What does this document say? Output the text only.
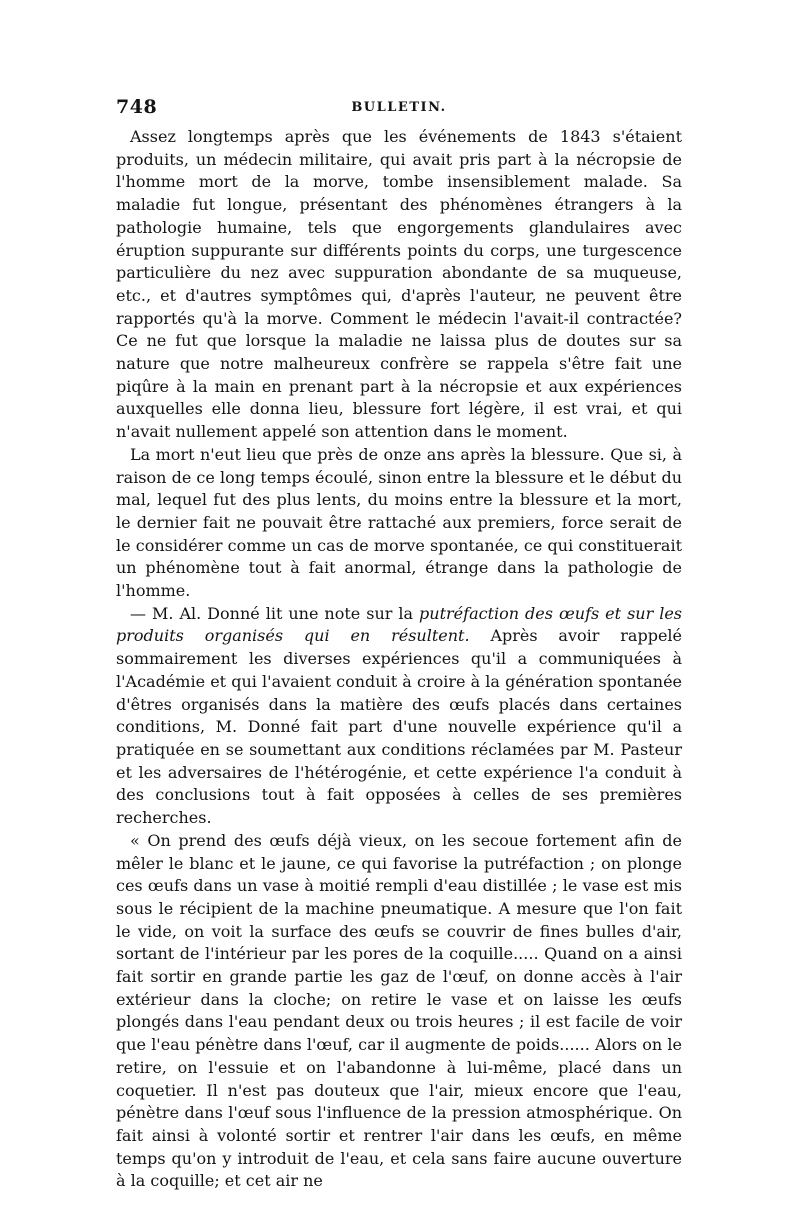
748	BULLETIN.

Assez longtemps après que les événements de 1843 s'étaient produits, un médecin militaire, qui avait pris part à la nécropsie de l'homme mort de la morve, tombe insensiblement malade. Sa maladie fut longue, présentant des phénomènes étrangers à la pathologie humaine, tels que engorgements glandulaires avec éruption suppurante sur différents points du corps, une turgescence particulière du nez avec suppuration abondante de sa muqueuse, etc., et d'autres symptômes qui, d'après l'auteur, ne peuvent être rapportés qu'à la morve. Comment le médecin l'avait-il contractée? Ce ne fut que lorsque la maladie ne laissa plus de doutes sur sa nature que notre malheureux confrère se rappela s'être fait une piqûre à la main en prenant part à la nécropsie et aux expériences auxquelles elle donna lieu, blessure fort légère, il est vrai, et qui n'avait nullement appelé son attention dans le moment.

La mort n'eut lieu que près de onze ans après la blessure. Que si, à raison de ce long temps écoulé, sinon entre la blessure et le début du mal, lequel fut des plus lents, du moins entre la blessure et la mort, le dernier fait ne pouvait être rattaché aux premiers, force serait de le considérer comme un cas de morve spontanée, ce qui constituerait un phénomène tout à fait anormal, étrange dans la pathologie de l'homme.

— M. Al. Donné lit une note sur la putréfaction des œufs et sur les produits organisés qui en résultent. Après avoir rappelé sommairement les diverses expériences qu'il a communiquées à l'Académie et qui l'avaient conduit à croire à la génération spontanée d'êtres organisés dans la matière des œufs placés dans certaines conditions, M. Donné fait part d'une nouvelle expérience qu'il a pratiquée en se soumettant aux conditions réclamées par M. Pasteur et les adversaires de l'hétérogénie, et cette expérience l'a conduit à des conclusions tout à fait opposées à celles de ses premières recherches.

« On prend des œufs déjà vieux, on les secoue fortement afin de mêler le blanc et le jaune, ce qui favorise la putréfaction ; on plonge ces œufs dans un vase à moitié rempli d'eau distillée ; le vase est mis sous le récipient de la machine pneumatique. A mesure que l'on fait le vide, on voit la surface des œufs se couvrir de fines bulles d'air, sortant de l'intérieur par les pores de la coquille..... Quand on a ainsi fait sortir en grande partie les gaz de l'œuf, on donne accès à l'air extérieur dans la cloche; on retire le vase et on laisse les œufs plongés dans l'eau pendant deux ou trois heures ; il est facile de voir que l'eau pénètre dans l'œuf, car il augmente de poids...... Alors on le retire, on l'essuie et on l'abandonne à lui-même, placé dans un coquetier. Il n'est pas douteux que l'air, mieux encore que l'eau, pénètre dans l'œuf sous l'influence de la pression atmosphérique. On fait ainsi à volonté sortir et rentrer l'air dans les œufs, en même temps qu'on y introduit de l'eau, et cela sans faire aucune ouverture à la coquille; et cet air ne
